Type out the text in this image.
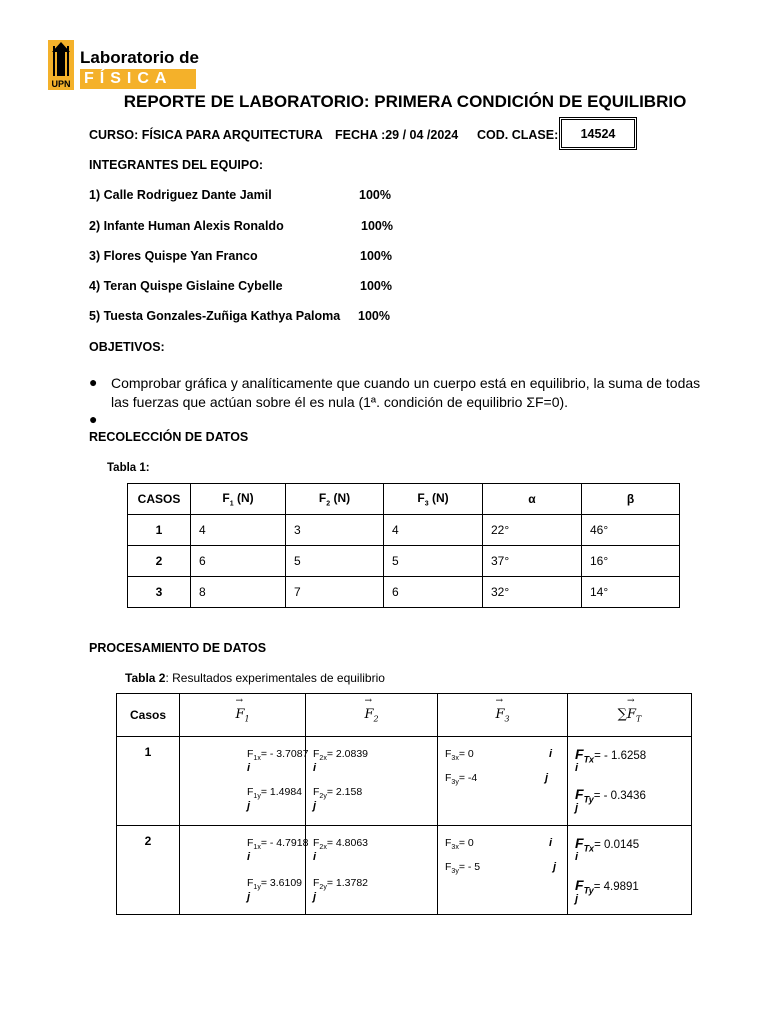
UPN
Laboratorio de
FÍSICA
REPORTE DE LABORATORIO: PRIMERA CONDICIÓN DE EQUILIBRIO
CURSO: FÍSICA PARA ARQUITECTURA FECHA :29 / 04 /2024 COD. CLASE:	14524
INTEGRANTES DEL EQUIPO:
1) Calle Rodriguez Dante Jamil	100%
2) Infante Human Alexis Ronaldo	100%
3) Flores Quispe Yan Franco	100%
4) Teran Quispe Gislaine Cybelle	100%
5) Tuesta Gonzales-Zuñiga Kathya Paloma 100%
OBJETIVOS:
● Comprobar gráfica y analíticamente que cuando un cuerpo está en equilibrio, la suma de todas las fuerzas que actúan sobre él es nula (1ª. condición de equilibrio ΣF=0).
●
RECOLECCIÓN DE DATOS
Tabla 1:
CASOS	$F_1$ (N)	$F_2$ (N)	$F_3$ (N)	α	β
1	4	3	4	22°	46°
2	6	5	5	37°	16°
3	8	7	6	32°	14°
PROCESAMIENTO DE DATOS
Tabla 2: Resultados experimentales de equilibrio
Casos	→ $F_1$	→ $F_2$	→ $F_3$	∑→ $F_T$
1	$F_{1x}= - 3.7087$
i
$F_{1y}= 1.4984$
j	$F_{2x}= 2.0839$
i
$F_{2y}= 2.158$
j	$F_{3x}= 0$ i
$F_{3y}= -4$ j	$F_{Tx}= - 1.6258$
i
$F_{Ty}= - 0.3436$
j

2	$F_{1x}= - 4.7918$
i
$F_{1y}= 3.6109$
j	$F_{2x}= 4.8063$
i
$F_{2y}= 1.3782$
j	$F_{3x}= 0$ i
$F_{3y}= - 5$ j	$F_{Tx}= 0.0145$
i
$F_{Ty}= 4.9891$
j
